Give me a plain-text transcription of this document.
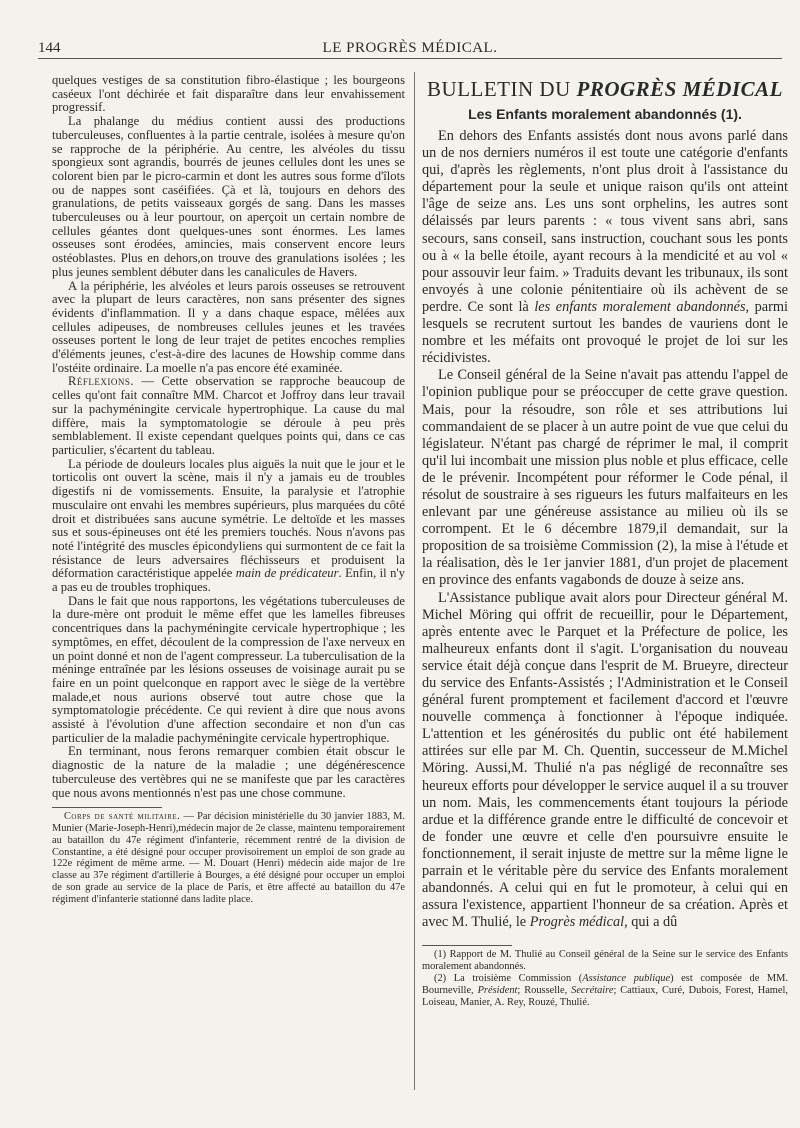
144	LE PROGRÈS MÉDICAL.

quelques vestiges de sa constitution fibro-élastique ; les bourgeons caséeux l'ont déchirée et fait disparaître dans leur envahissement progressif.

La phalange du médius contient aussi des productions tuberculeuses, confluentes à la partie centrale, isolées à mesure qu'on se rapproche de la périphérie. Au centre, les alvéoles du tissu spongieux sont agrandis, bourrés de jeunes cellules dont les unes se colorent bien par le picro-carmin et dont les autres sous forme d'îlots ou de nappes sont caséifiées. Çà et là, toujours en dehors des granulations, de petits vaisseaux gorgés de sang. Dans les masses tuberculeuses ou à leur pourtour, on aperçoit un certain nombre de cellules géantes dont quelques-unes sont énormes. Les lames osseuses sont érodées, amincies, mais conservent encore leurs ostéoblastes. Plus en dehors,on trouve des granulations isolées ; les plus jeunes semblent débuter dans les canalicules de Havers.

A la périphérie, les alvéoles et leurs parois osseuses se retrouvent avec la plupart de leurs caractères, non sans présenter des signes évidents d'inflammation. Il y a dans chaque espace, mêlées aux cellules adipeuses, de nombreuses cellules jeunes et les travées osseuses portent le long de leur trajet de petites encoches remplies d'éléments jeunes, c'est-à-dire des lacunes de Howship comme dans l'ostéite ordinaire. La moelle n'a pas encore été examinée.

Réflexions. — Cette observation se rapproche beaucoup de celles qu'ont fait connaître MM. Charcot et Joffroy dans leur travail sur la pachyméningite cervicale hypertrophique. La cause du mal diffère, mais la symptomatologie se déroule à peu près semblablement. Il existe cependant quelques points qui, dans ce cas particulier, s'écartent du tableau.

La période de douleurs locales plus aiguës la nuit que le jour et le torticolis ont ouvert la scène, mais il n'y a jamais eu de troubles digestifs ni de vomissements. Ensuite, la paralysie et l'atrophie musculaire ont envahi les membres supérieurs, plus marquées du côté droit et distribuées sans aucune symétrie. Le deltoïde et les masses sus et sous-épineuses ont été les premiers touchés. Nous n'avons pas noté l'intégrité des muscles épicondyliens qui surmontent de ce fait la résistance de leurs adversaires fléchisseurs et produisent la déformation caractéristique appelée main de prédicateur. Enfin, il n'y a pas eu de troubles trophiques.

Dans le fait que nous rapportons, les végétations tuberculeuses de la dure-mère ont produit le même effet que les lamelles fibreuses concentriques dans la pachyméningite cervicale hypertrophique ; les symptômes, en effet, découlent de la compression de l'axe nerveux en un point donné et non de l'agent compresseur. La tuberculisation de la méninge entraînée par les lésions osseuses de voisinage aurait pu se faire en un point quelconque en rapport avec le siège de la vertèbre malade,et nous aurions observé tout autre chose que la symptomatologie précédente. Ce qui revient à dire que nous avons assisté à l'évolution d'une affection secondaire et non d'un cas particulier de la maladie pachyméningite cervicale hypertrophique.

En terminant, nous ferons remarquer combien était obscur le diagnostic de la nature de la maladie ; une dégénérescence tuberculeuse des vertèbres qui ne se manifeste que par les caractères que nous avons mentionnés n'est pas une chose commune.

Corps de santé militaire. — Par décision ministérielle du 30 janvier 1883, M. Munier (Marie-Joseph-Henri),médecin major de 2e classe, maintenu temporairement au bataillon du 47e régiment d'infanterie, récemment rentré de la division de Constantine, a été désigné pour occuper provisoirement un emploi de son grade au 122e régiment de même arme. — M. Douart (Henri) médecin aide major de 1re classe au 37e régiment d'artillerie à Bourges, a été désigné pour occuper un emploi de son grade au service de la place de Paris, et être affecté au bataillon du 47e régiment d'infanterie stationné dans ladite place.

BULLETIN DU PROGRÈS MÉDICAL
Les Enfants moralement abandonnés (1).

En dehors des Enfants assistés dont nous avons parlé dans un de nos derniers numéros il est toute une catégorie d'enfants qui, d'après les règlements, n'ont plus droit à l'assistance du département pour la seule et unique raison qu'ils ont atteint l'âge de seize ans. Les uns sont orphelins, les autres sont délaissés par leurs parents : « tous vivent sans abri, sans secours, sans conseil, sans instruction, couchant sous les ponts ou à « la belle étoile, ayant recours à la mendicité et au vol « pour assouvir leur faim. » Traduits devant les tribunaux, ils sont envoyés à une colonie pénitentiaire où ils achèvent de se perdre. Ce sont là les enfants moralement abandonnés, parmi lesquels se recrutent surtout les bandes de vauriens dont le nombre et les méfaits ont provoqué le projet de loi sur les récidivistes.

Le Conseil général de la Seine n'avait pas attendu l'appel de l'opinion publique pour se préoccuper de cette grave question. Mais, pour la résoudre, son rôle et ses attributions lui commandaient de se placer à un autre point de vue que celui du législateur. N'étant pas chargé de réprimer le mal, il comprit qu'il lui incombait une mission plus noble et plus efficace, celle de le prévenir. Incompétent pour réformer le Code pénal, il résolut de soustraire à ses rigueurs les futurs malfaiteurs en les enlevant par une généreuse assistance au milieu où ils se corrompent. Et le 6 décembre 1879,il demandait, sur la proposition de sa troisième Commission (2), la mise à l'étude et la réalisation, dès le 1er janvier 1881, d'un projet de placement en province des enfants vagabonds de douze à seize ans.

L'Assistance publique avait alors pour Directeur général M. Michel Möring qui offrit de recueillir, pour le Département, après entente avec le Parquet et la Préfecture de police, les malheureux enfants dont il s'agit. L'organisation du nouveau service était déjà conçue dans l'esprit de M. Brueyre, directeur du service des Enfants-Assistés ; l'Administration et le Conseil général furent promptement et facilement d'accord et l'œuvre nouvelle commença à fonctionner à l'époque indiquée. L'attention et les générosités du public ont été habilement attirées sur elle par M. Ch. Quentin, successeur de M.Michel Möring. Aussi,M. Thulié n'a pas négligé de reconnaître ses heureux efforts pour développer le service auquel il a su trouver un nom. Mais, les commencements étant toujours la période ardue et la différence grande entre le difficulté de concevoir et de fonder une œuvre et celle d'en poursuivre ensuite le fonctionnement, il serait injuste de mettre sur la même ligne le parrain et le véritable père du service des Enfants moralement abandonnés. A celui qui en fut le promoteur, à celui qui en assura l'existence, appartient l'honneur de sa création. Après et avec M. Thulié, le Progrès médical, qui a dû

(1) Rapport de M. Thulié au Conseil général de la Seine sur le service des Enfants moralement abandonnés.

(2) La troisième Commission (Assistance publique) est composée de MM. Bourneville, Président; Rousselle, Secrétaire; Cattiaux, Curé, Dubois, Forest, Hamel, Loiseau, Manier, A. Rey, Rouzé, Thulié.
